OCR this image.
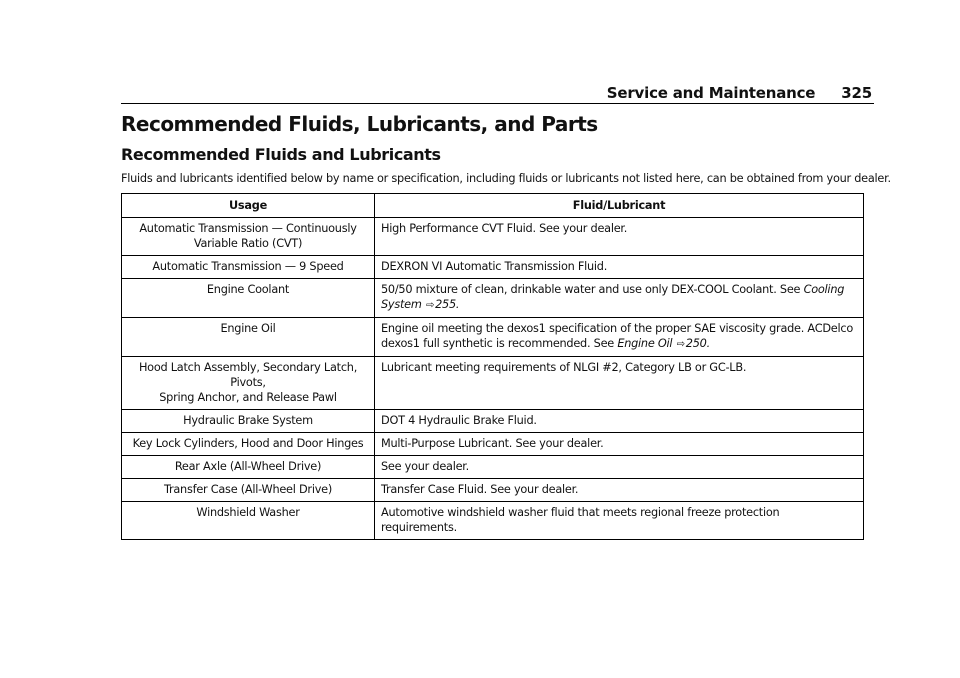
Service and Maintenance 325
Recommended Fluids, Lubricants, and Parts
Recommended Fluids and Lubricants
Fluids and lubricants identified below by name or specification, including fluids or lubricants not listed here, can be obtained from your dealer.
Usage	Fluid/Lubricant
Automatic Transmission — Continuously
Variable Ratio (CVT)	High Performance CVT Fluid. See your dealer.
Automatic Transmission — 9 Speed	DEXRON VI Automatic Transmission Fluid.
Engine Coolant	50/50 mixture of clean, drinkable water and use only DEX-COOL Coolant. See Cooling System ⇨255.
Engine Oil	Engine oil meeting the dexos1 specification of the proper SAE viscosity grade. ACDelco dexos1 full synthetic is recommended. See Engine Oil ⇨250.
Hood Latch Assembly, Secondary Latch, Pivots,
Spring Anchor, and Release Pawl	Lubricant meeting requirements of NLGI #2, Category LB or GC-LB.
Hydraulic Brake System	DOT 4 Hydraulic Brake Fluid.
Key Lock Cylinders, Hood and Door Hinges	Multi-Purpose Lubricant. See your dealer.
Rear Axle (All-Wheel Drive)	See your dealer.
Transfer Case (All-Wheel Drive)	Transfer Case Fluid. See your dealer.
Windshield Washer	Automotive windshield washer fluid that meets regional freeze protection requirements.
